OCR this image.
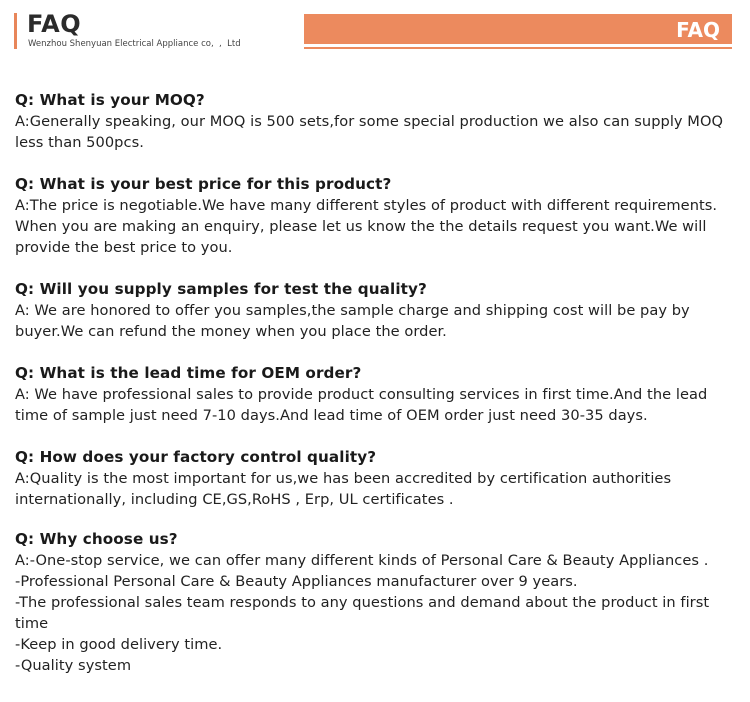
FAQ
Wenzhou Shenyuan Electrical Appliance co,  ,  Ltd
FAQ
Q: What is your MOQ?

A:Generally speaking, our MOQ is 500 sets,for some special production we also can supply MOQ less than 500pcs.

Q: What is your best price for this product?

A:The price is negotiable.We have many different styles of product with different requirements. When you are making an enquiry, please let us know the the details request you want.We will provide the best price to you.

Q: Will you supply samples for test the quality?

A: We are honored to offer you samples,the sample charge and shipping cost will be pay by buyer.We can refund the money when you place the order.

Q: What is the lead time for OEM order?

A: We have professional sales to provide product consulting services in first time.And the lead time of sample just need 7-10 days.And lead time of OEM order just need 30-35 days.

Q: How does your factory control quality?

A:Quality is the most important for us,we has been accredited by certification authorities internationally, including CE,GS,RoHS , Erp, UL certificates .

Q: Why choose us?

A:-One-stop service, we can offer many different kinds of Personal Care & Beauty Appliances .

-Professional Personal Care & Beauty Appliances manufacturer over 9 years.

-The professional sales team responds to any questions and demand about the product in first time

-Keep in good delivery time.

-Quality system
